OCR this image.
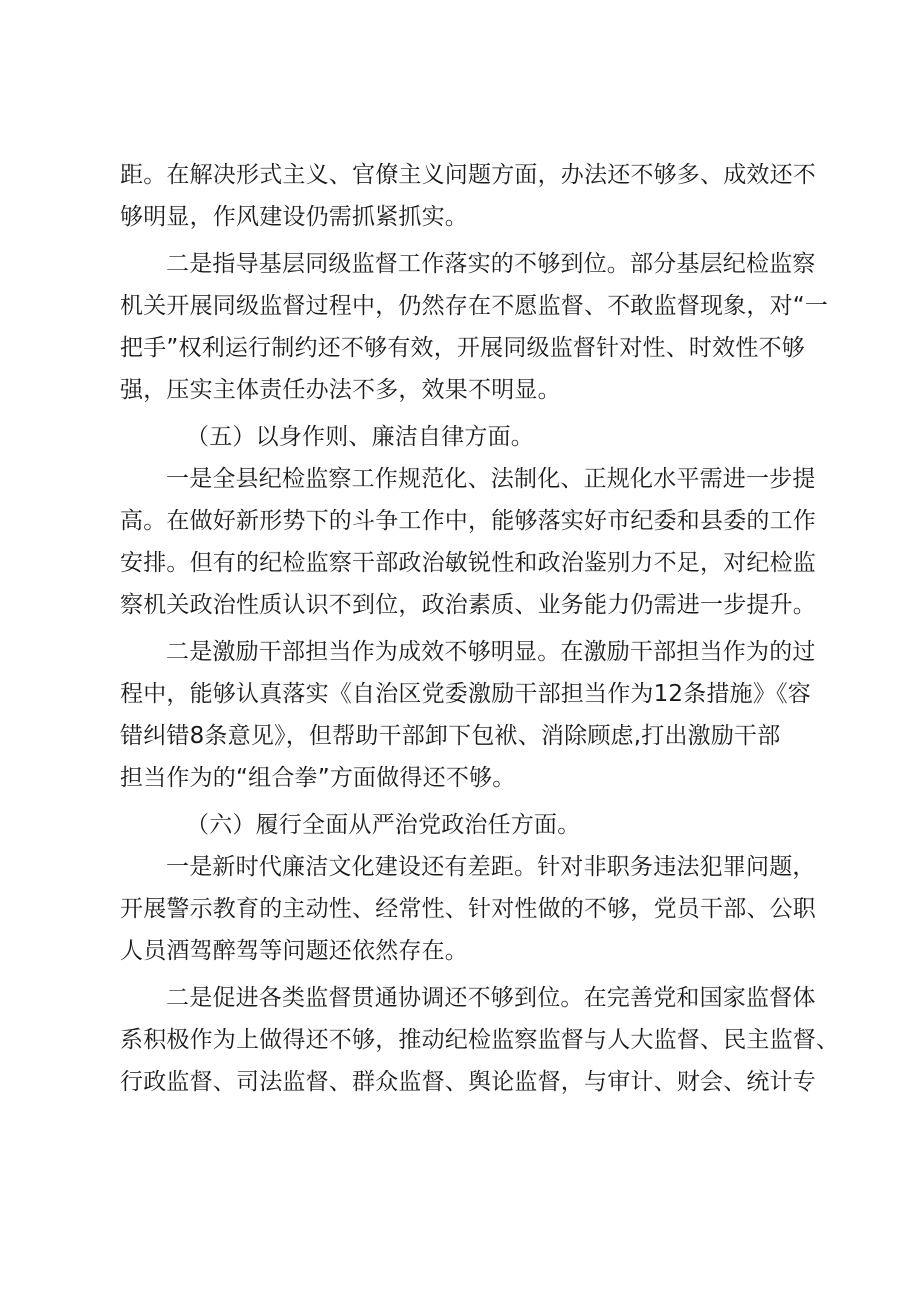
距。在解决形式主义、官僚主义问题方面，办法还不够多、成效还不
够明显，作风建设仍需抓紧抓实。
二是指导基层同级监督工作落实的不够到位。部分基层纪检监察
机关开展同级监督过程中，仍然存在不愿监督、不敢监督现象，对“一
把手”权利运行制约还不够有效，开展同级监督针对性、时效性不够
强，压实主体责任办法不多，效果不明显。
（五）以身作则、廉洁自律方面。
一是全县纪检监察工作规范化、法制化、正规化水平需进一步提
高。在做好新形势下的斗争工作中，能够落实好市纪委和县委的工作
安排。但有的纪检监察干部政治敏锐性和政治鉴别力不足，对纪检监
察机关政治性质认识不到位，政治素质、业务能力仍需进一步提升。
二是激励干部担当作为成效不够明显。在激励干部担当作为的过
程中，能够认真落实《自治区党委激励干部担当作为12条措施》《容
错纠错8条意见》，但帮助干部卸下包袱、消除顾虑,打出激励干部
担当作为的“组合拳”方面做得还不够。
（六）履行全面从严治党政治任方面。
一是新时代廉洁文化建设还有差距。针对非职务违法犯罪问题，
开展警示教育的主动性、经常性、针对性做的不够，党员干部、公职
人员酒驾醉驾等问题还依然存在。
二是促进各类监督贯通协调还不够到位。在完善党和国家监督体
系积极作为上做得还不够，推动纪检监察监督与人大监督、民主监督、
行政监督、司法监督、群众监督、舆论监督，与审计、财会、统计专
